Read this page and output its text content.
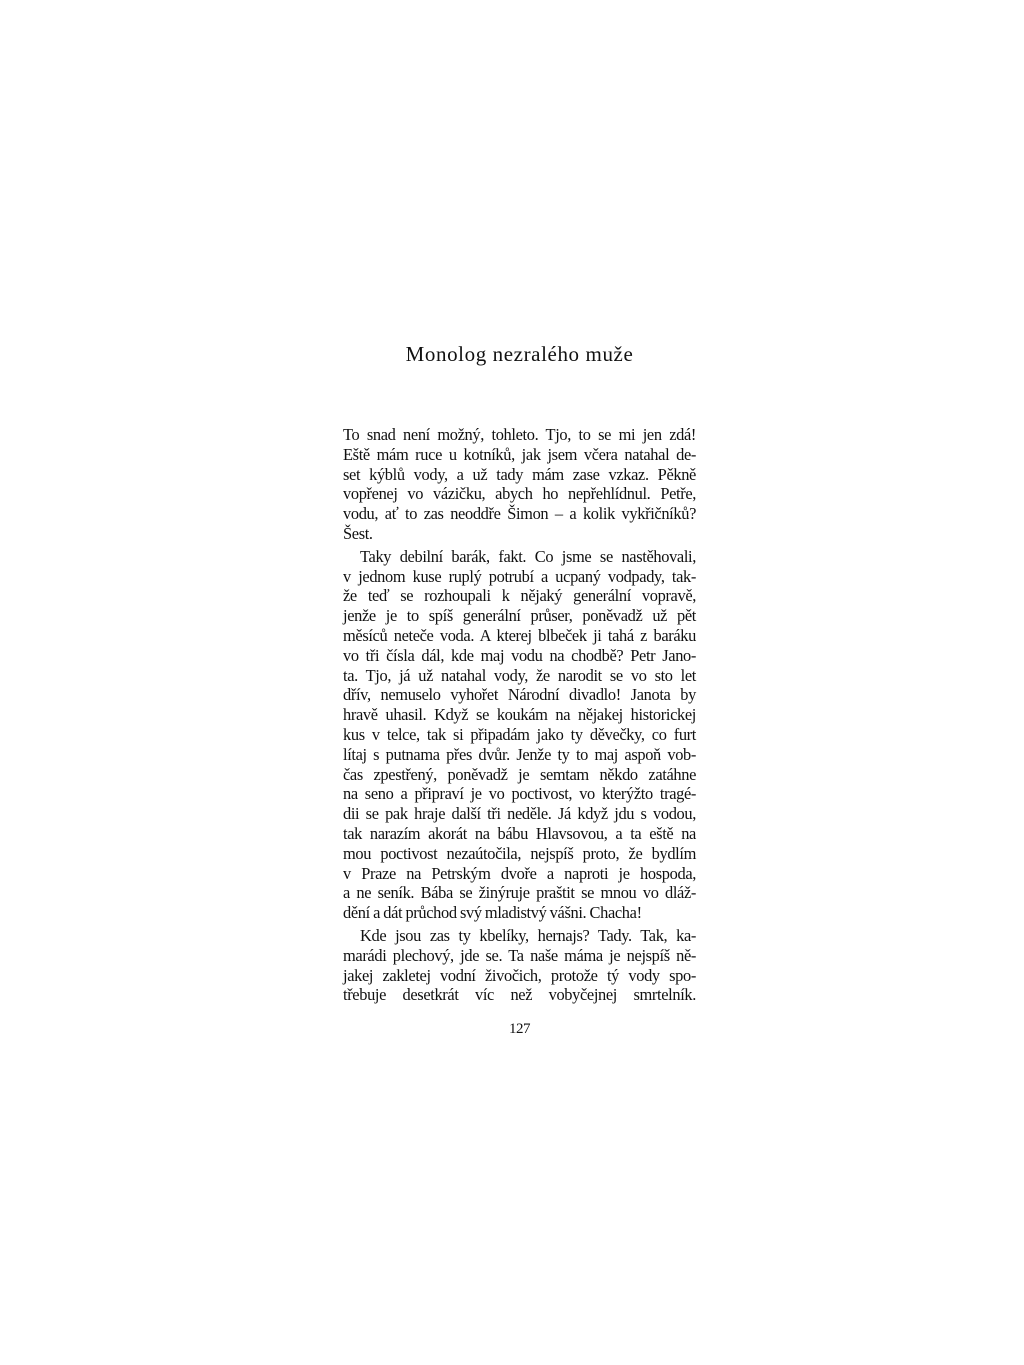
Monolog nezralého muže
To snad není možný, tohleto. Tjo, to se mi jen zdá!
Eště mám ruce u kotníků, jak jsem včera natahal de-
set kýblů vody, a už tady mám zase vzkaz. Pěkně
vopřenej vo vázičku, abych ho nepřehlídnul. Petře,
vodu, ať to zas neoddře Šimon – a kolik vykřičníků?
Šest.
Taky debilní barák, fakt. Co jsme se nastěhovali,
v jednom kuse ruplý potrubí a ucpaný vodpady, tak-
že teď se rozhoupali k nějaký generální vopravě,
jenže je to spíš generální průser, poněvadž už pět
měsíců neteče voda. A kterej blbeček ji tahá z baráku
vo tři čísla dál, kde maj vodu na chodbě? Petr Jano-
ta. Tjo, já už natahal vody, že narodit se vo sto let
dřív, nemuselo vyhořet Národní divadlo! Janota by
hravě uhasil. Když se koukám na nějakej historickej
kus v telce, tak si připadám jako ty děvečky, co furt
lítaj s putnama přes dvůr. Jenže ty to maj aspoň vob-
čas zpestřený, poněvadž je semtam někdo zatáhne
na seno a připraví je vo poctivost, vo kterýžto tragé-
dii se pak hraje další tři neděle. Já když jdu s vodou,
tak narazím akorát na bábu Hlavsovou, a ta eště na
mou poctivost nezaútočila, nejspíš proto, že bydlím
v Praze na Petrským dvoře a naproti je hospoda,
a ne seník. Bába se žinýruje praštit se mnou vo dláž-
dění a dát průchod svý mladistvý vášni. Chacha!
Kde jsou zas ty kbelíky, hernajs? Tady. Tak, ka-
marádi plechový, jde se. Ta naše máma je nejspíš ně-
jakej zakletej vodní živočich, protože tý vody spo-
třebuje desetkrát víc než vobyčejnej smrtelník.
127
